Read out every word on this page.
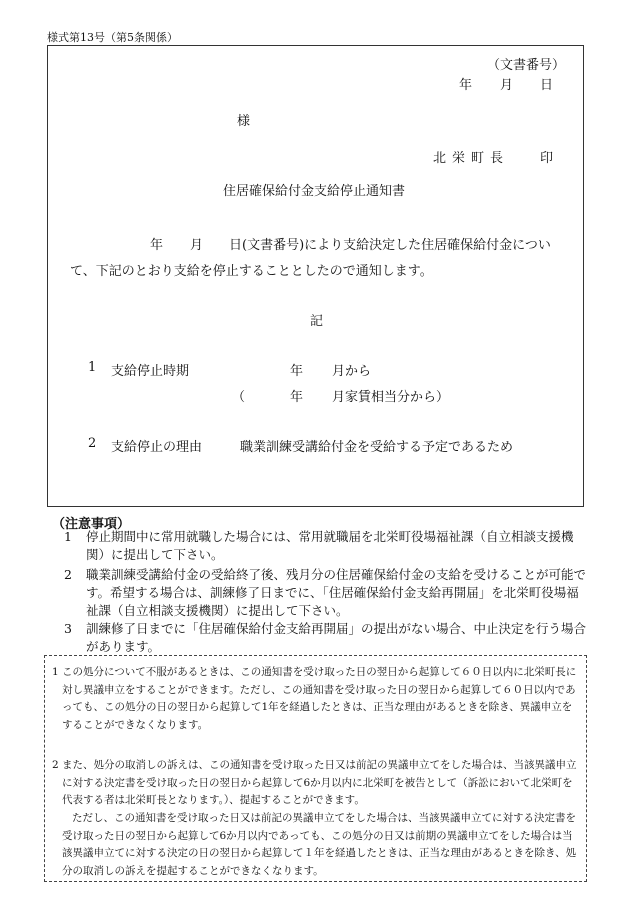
様式第13号（第5条関係）
（文書番号）
年 月 日
様
北栄町長 印
住居確保給付金支給停止通知書
年 月 日(文書番号)により支給決定した住居確保給付金につい
て、下記のとおり支給を停止することとしたので通知します。
記
1 支給停止時期	年 月から
（	年 月家賃相当分から）
2 支給停止の理由	職業訓練受講給付金を受給する予定であるため
（注意事項）
1	停止期間中に常用就職した場合には、常用就職届を北栄町役場福祉課（自立相談支援機関）に提出して下さい。
2	職業訓練受講給付金の受給終了後、残月分の住居確保給付金の支給を受けることが可能です。希望する場合は、訓練修了日までに、「住居確保給付金支給再開届」を北栄町役場福祉課（自立相談支援機関）に提出して下さい。
3	訓練修了日までに「住居確保給付金支給再開届」の提出がない場合、中止決定を行う場合があります。
1 この処分について不服があるときは、この通知書を受け取った日の翌日から起算して６０日以内に北栄町長に対し異議申立をすることができます。ただし、この通知書を受け取った日の翌日から起算して６０日以内であっても、この処分の日の翌日から起算して1年を経過したときは、正当な理由があるときを除き、異議申立をすることができなくなります。
2 また、処分の取消しの訴えは、この通知書を受け取った日又は前記の異議申立てをした場合は、当該異議申立に対する決定書を受け取った日の翌日から起算して6か月以内に北栄町を被告として（訴訟において北栄町を代表する者は北栄町長となります。）、提起することができます。
ただし、この通知書を受け取った日又は前記の異議申立てをした場合は、当該異議申立てに対する決定書を受け取った日の翌日から起算して6か月以内であっても、この処分の日又は前期の異議申立てをした場合は当該異議申立てに対する決定の日の翌日から起算して１年を経過したときは、正当な理由があるときを除き、処分の取消しの訴えを提起することができなくなります。
